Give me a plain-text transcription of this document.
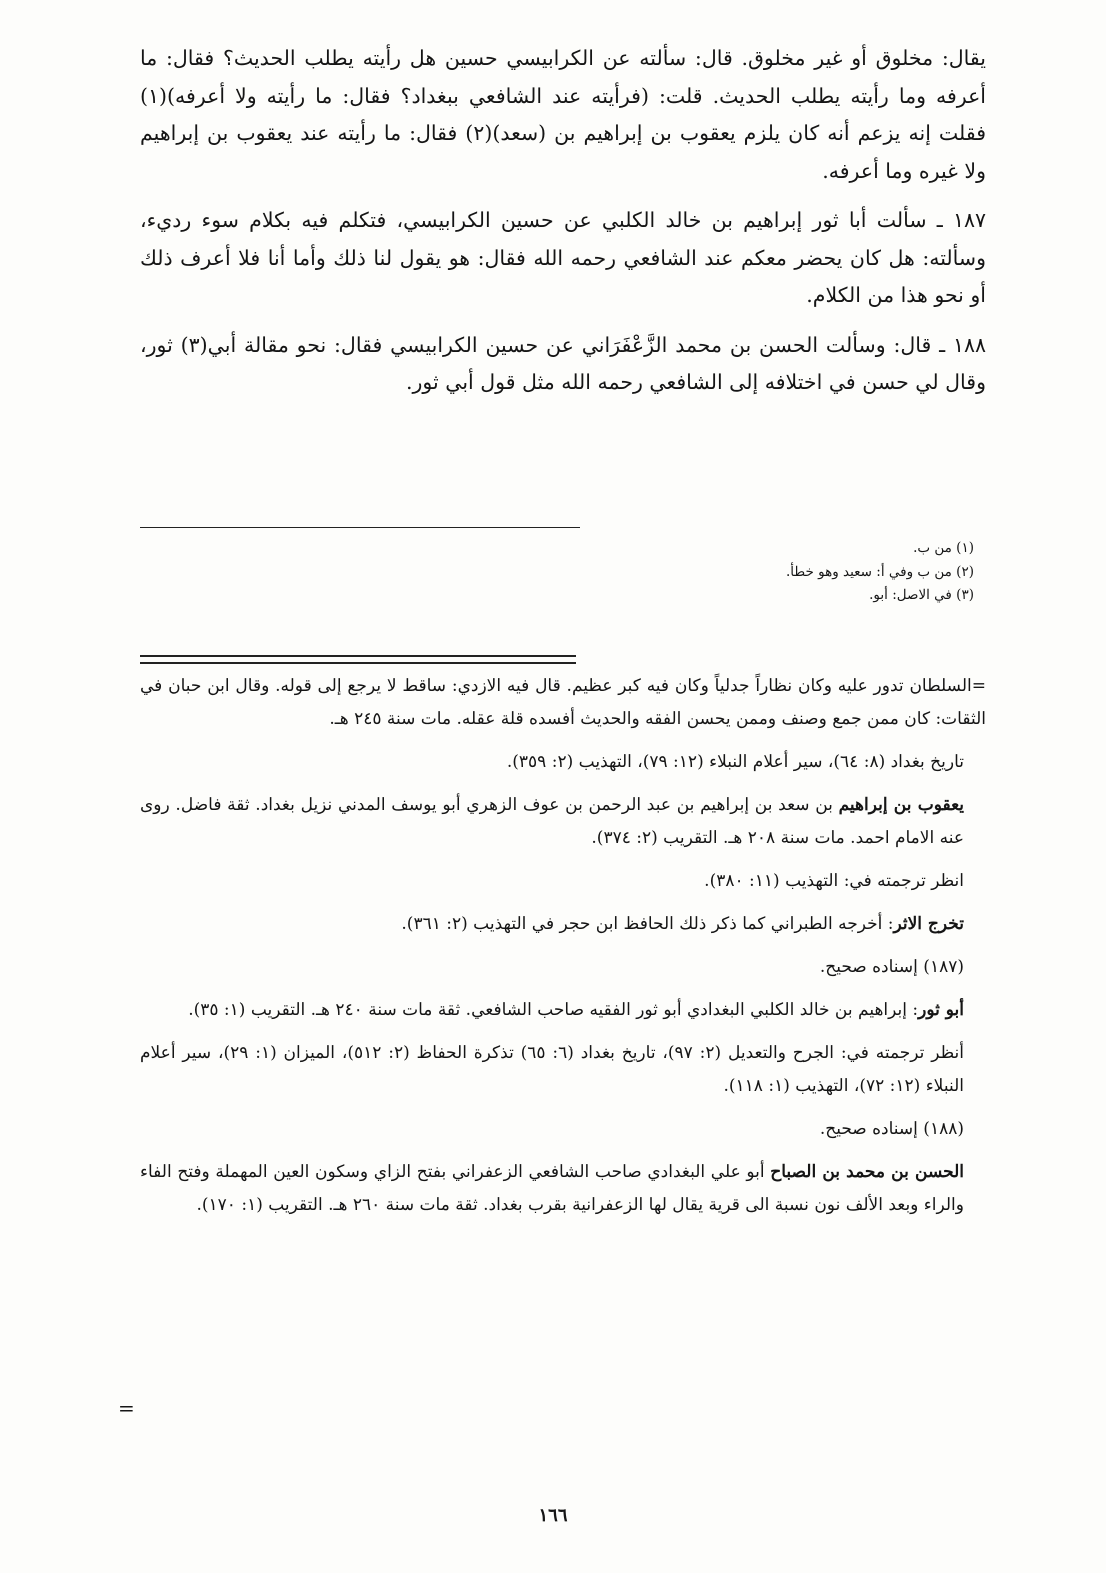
يقال: مخلوق أو غير مخلوق. قال: سألته عن الكرابيسي حسين هل رأيته يطلب الحديث؟ فقال: ما أعرفه وما رأيته يطلب الحديث. قلت: (فرأيته عند الشافعي ببغداد؟ فقال: ما رأيته ولا أعرفه)(١) فقلت إنه يزعم أنه كان يلزم يعقوب بن إبراهيم بن (سعد)(٢) فقال: ما رأيته عند يعقوب بن إبراهيم ولا غيره وما أعرفه.

١٨٧ ـ سألت أبا ثور إبراهيم بن خالد الكلبي عن حسين الكرابيسي، فتكلم فيه بكلام سوء رديء، وسألته: هل كان يحضر معكم عند الشافعي رحمه الله فقال: هو يقول لنا ذلك وأما أنا فلا أعرف ذلك أو نحو هذا من الكلام.

١٨٨ ـ قال: وسألت الحسن بن محمد الزَّعْفَرَاني عن حسين الكرابيسي فقال: نحو مقالة أبي(٣) ثور، وقال لي حسن في اختلافه إلى الشافعي رحمه الله مثل قول أبي ثور.

(١) من ب.
(٢) من ب وفي أ: سعيد وهو خطأ.
(٣) في الاصل: أبو.

=السلطان تدور عليه وكان نظاراً جدلياً وكان فيه كبر عظيم. قال فيه الازدي: ساقط لا يرجع إلى قوله. وقال ابن حبان في الثقات: كان ممن جمع وصنف وممن يحسن الفقه والحديث أفسده قلة عقله. مات سنة ٢٤٥ هـ.

تاريخ بغداد (٨: ٦٤)، سير أعلام النبلاء (١٢: ٧٩)، التهذيب (٢: ٣٥٩).

يعقوب بن إبراهيم بن سعد بن إبراهيم بن عبد الرحمن بن عوف الزهري أبو يوسف المدني نزيل بغداد. ثقة فاضل. روى عنه الامام احمد. مات سنة ٢٠٨ هـ. التقريب (٢: ٣٧٤).

انظر ترجمته في: التهذيب (١١: ٣٨٠).

تخرج الاثر: أخرجه الطبراني كما ذكر ذلك الحافظ ابن حجر في التهذيب (٢: ٣٦١).

(١٨٧) إسناده صحيح.

أبو ثور: إبراهيم بن خالد الكلبي البغدادي أبو ثور الفقيه صاحب الشافعي. ثقة مات سنة ٢٤٠ هـ. التقريب (١: ٣٥).

أنظر ترجمته في: الجرح والتعديل (٢: ٩٧)، تاريخ بغداد (٦: ٦٥) تذكرة الحفاظ (٢: ٥١٢)، الميزان (١: ٢٩)، سير أعلام النبلاء (١٢: ٧٢)، التهذيب (١: ١١٨).

(١٨٨) إسناده صحيح.

الحسن بن محمد بن الصباح أبو علي البغدادي صاحب الشافعي الزعفراني بفتح الزاي وسكون العين المهملة وفتح الفاء والراء وبعد الألف نون نسبة الى قرية يقال لها الزعفرانية بقرب بغداد. ثقة مات سنة ٢٦٠ هـ. التقريب (١: ١٧٠).

=
١٦٦
